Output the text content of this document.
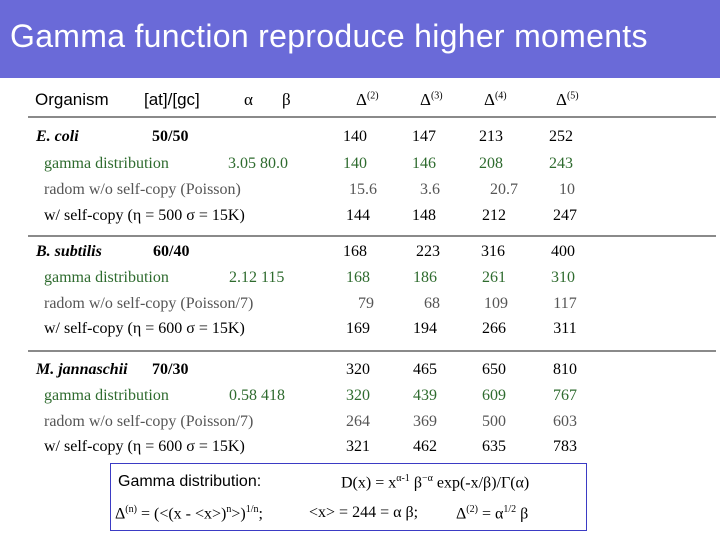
Gamma function reproduce higher moments
Organism [at]/[gc]	α β	$\Delta^{(2)}$ $\Delta^{(3)}$ $\Delta^{(4)}$	$\Delta^{(5)}$
E. coli	50/50	140	147	213	252
gamma distribution	3.05 80.0	140	146	208	243
radom w/o self-copy (Poisson)	15.6	3.6	20.7	10
w/ self-copy (η = 500 σ = 15K)	144	148	212	247
B. subtilis	60/40	168	223	316	400
gamma distribution	2.12 115	168	186	261	310
radom w/o self-copy (Poisson/7)	79	68	109	117
w/ self-copy (η = 600 σ = 15K)	169	194	266	311
M. jannaschii 70/30	320	465	650	810
gamma distribution	0.58 418	320	439	609	767
radom w/o self-copy (Poisson/7)	264	369	500	603
w/ self-copy (η = 600 σ = 15K)	321	462	635	783
Gamma distribution:	$D(x) = x^{\alpha-1}$ $\beta^{-\alpha}$ exp(-x/β)/Γ(α)
$\Delta^{(n)} = (<(x - <x>)^n>)^{1/n}$;	<x> = 244 = α β; $\Delta^{(2)} = \alpha^{1/2}$ β
